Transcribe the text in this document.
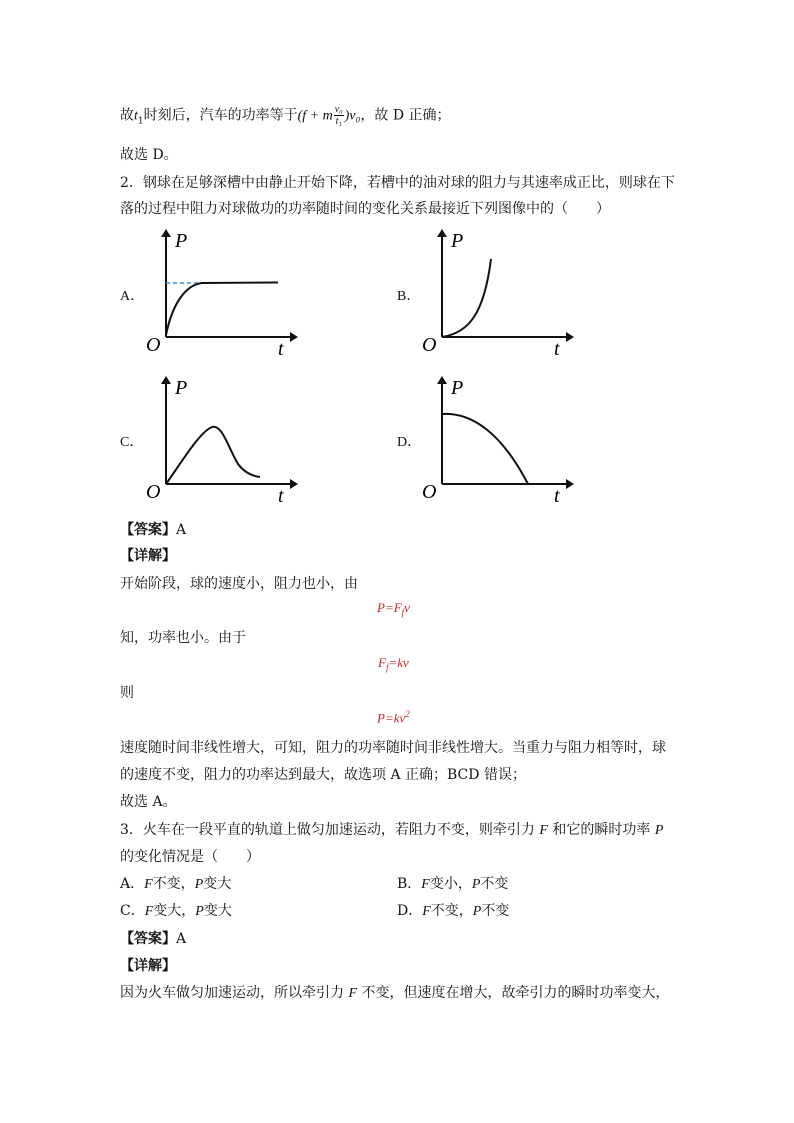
故$t_1$时刻后，汽车的功率等于(f + m $\frac{\text{v₀}}{\text{t₁}} )v_0$，故 D 正确；
故选 D。
2．钢球在足够深槽中由静止开始下降，若槽中的油对球的阻力与其速率成正比，则球在下
落的过程中阻力对球做功的功率随时间的变化关系最接近下列图像中的（　　）
A．	B．
C．	D．
P
t
O
P
t
O
P
t
O
P
t
O
【答案】A
【详解】
开始阶段，球的速度小，阻力也小，由
$P=F_fv$
知，功率也小。由于
$F_f=kv$
则
$P=kv^2$
速度随时间非线性增大，可知，阻力的功率随时间非线性增大。当重力与阻力相等时，球
的速度不变，阻力的功率达到最大，故选项 A 正确；BCD 错误；
故选 A。
3．火车在一段平直的轨道上做匀加速运动，若阻力不变，则牵引力 F 和它的瞬时功率 P
的变化情况是（　　）
A．F不变，P变大	B．F变小，P不变
C．F变大，P变大	D．F不变，P不变
【答案】A
【详解】
因为火车做匀加速运动，所以牵引力 F 不变，但速度在增大，故牵引力的瞬时功率变大，
